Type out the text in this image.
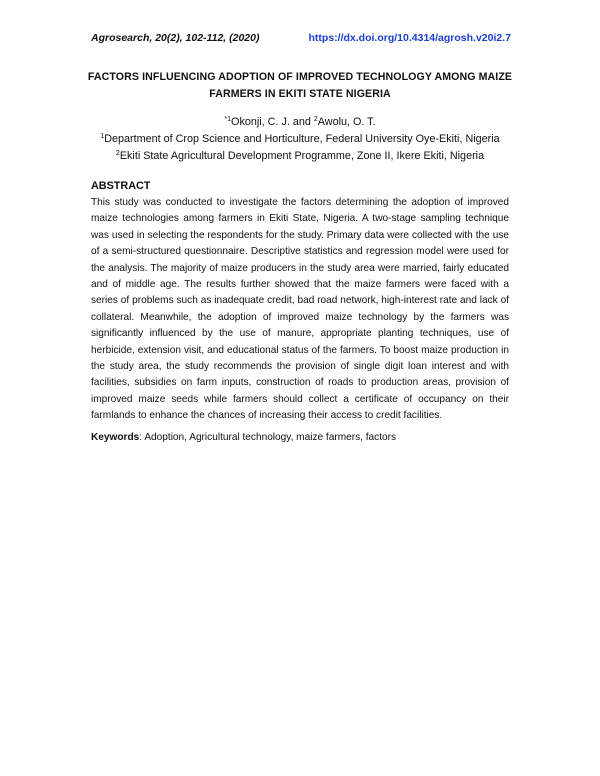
Agrosearch, 20(2), 102-112, (2020)	https://dx.doi.org/10.4314/agrosh.v20i2.7
FACTORS INFLUENCING ADOPTION OF IMPROVED TECHNOLOGY AMONG MAIZE
FARMERS IN EKITI STATE NIGERIA
$^{*1}$Okonji, C. J. and $^2$Awolu, O. T.
$^1$Department of Crop Science and Horticulture, Federal University Oye-Ekiti, Nigeria
$^2$Ekiti State Agricultural Development Programme, Zone II, Ikere Ekiti, Nigeria
ABSTRACT

This study was conducted to investigate the factors determining the adoption of improved maize technologies among farmers in Ekiti State, Nigeria. A two-stage sampling technique was used in selecting the respondents for the study. Primary data were collected with the use of a semi-structured questionnaire. Descriptive statistics and regression model were used for the analysis. The majority of maize producers in the study area were married, fairly educated and of middle age. The results further showed that the maize farmers were faced with a series of problems such as inadequate credit, bad road network, high-interest rate and lack of collateral. Meanwhile, the adoption of improved maize technology by the farmers was significantly influenced by the use of manure, appropriate planting techniques, use of herbicide, extension visit, and educational status of the farmers. To boost maize production in the study area, the study recommends the provision of single digit loan interest and with facilities, subsidies on farm inputs, construction of roads to production areas, provision of improved maize seeds while farmers should collect a certificate of occupancy on their farmlands to enhance the chances of increasing their access to credit facilities.

Keywords: Adoption, Agricultural technology, maize farmers, factors
